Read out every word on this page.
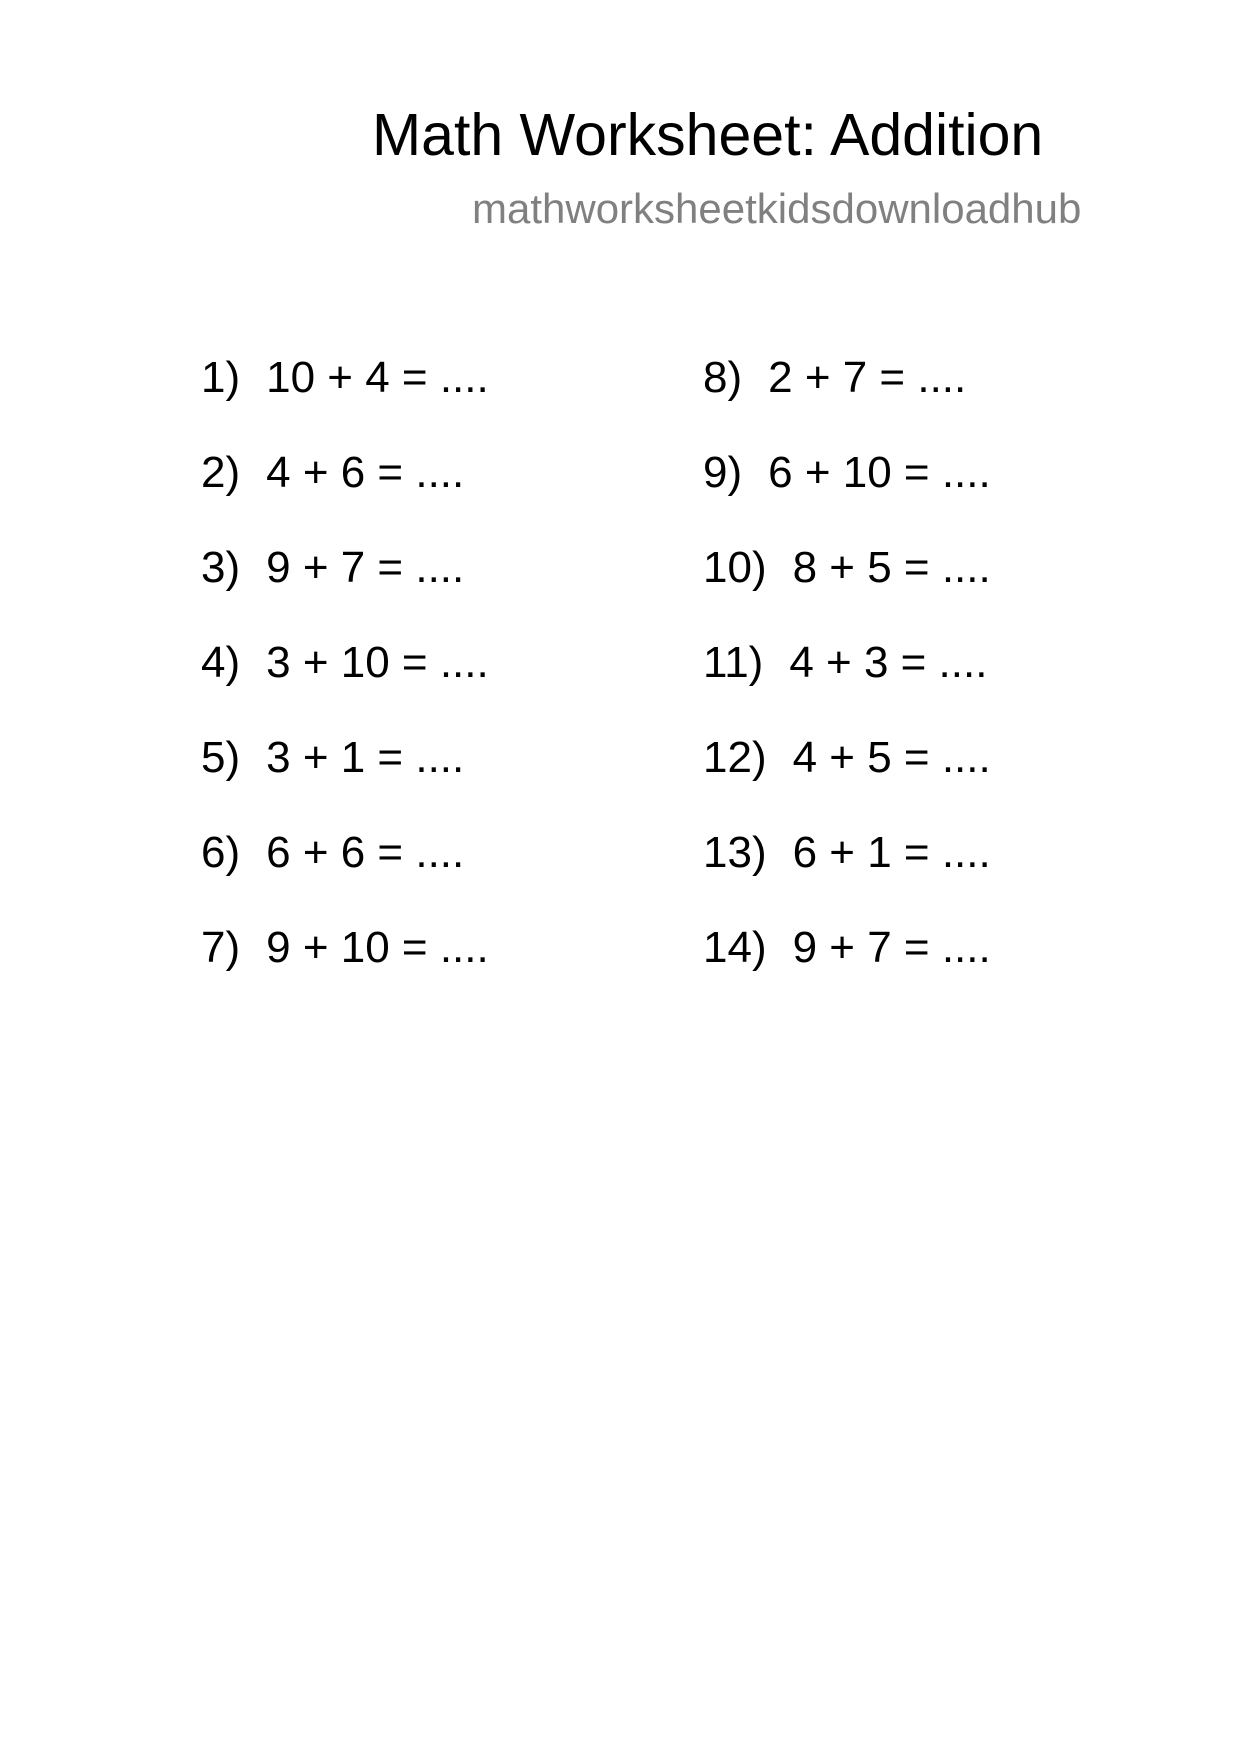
Math Worksheet: Addition
mathworksheetkidsdownloadhub
1) 10 + 4 = ....
2) 4 + 6 = ....
3) 9 + 7 = ....
4) 3 + 10 = ....
5) 3 + 1 = ....
6) 6 + 6 = ....
7) 9 + 10 = ....
8) 2 + 7 = ....
9) 6 + 10 = ....
10) 8 + 5 = ....
11) 4 + 3 = ....
12) 4 + 5 = ....
13) 6 + 1 = ....
14) 9 + 7 = ....
